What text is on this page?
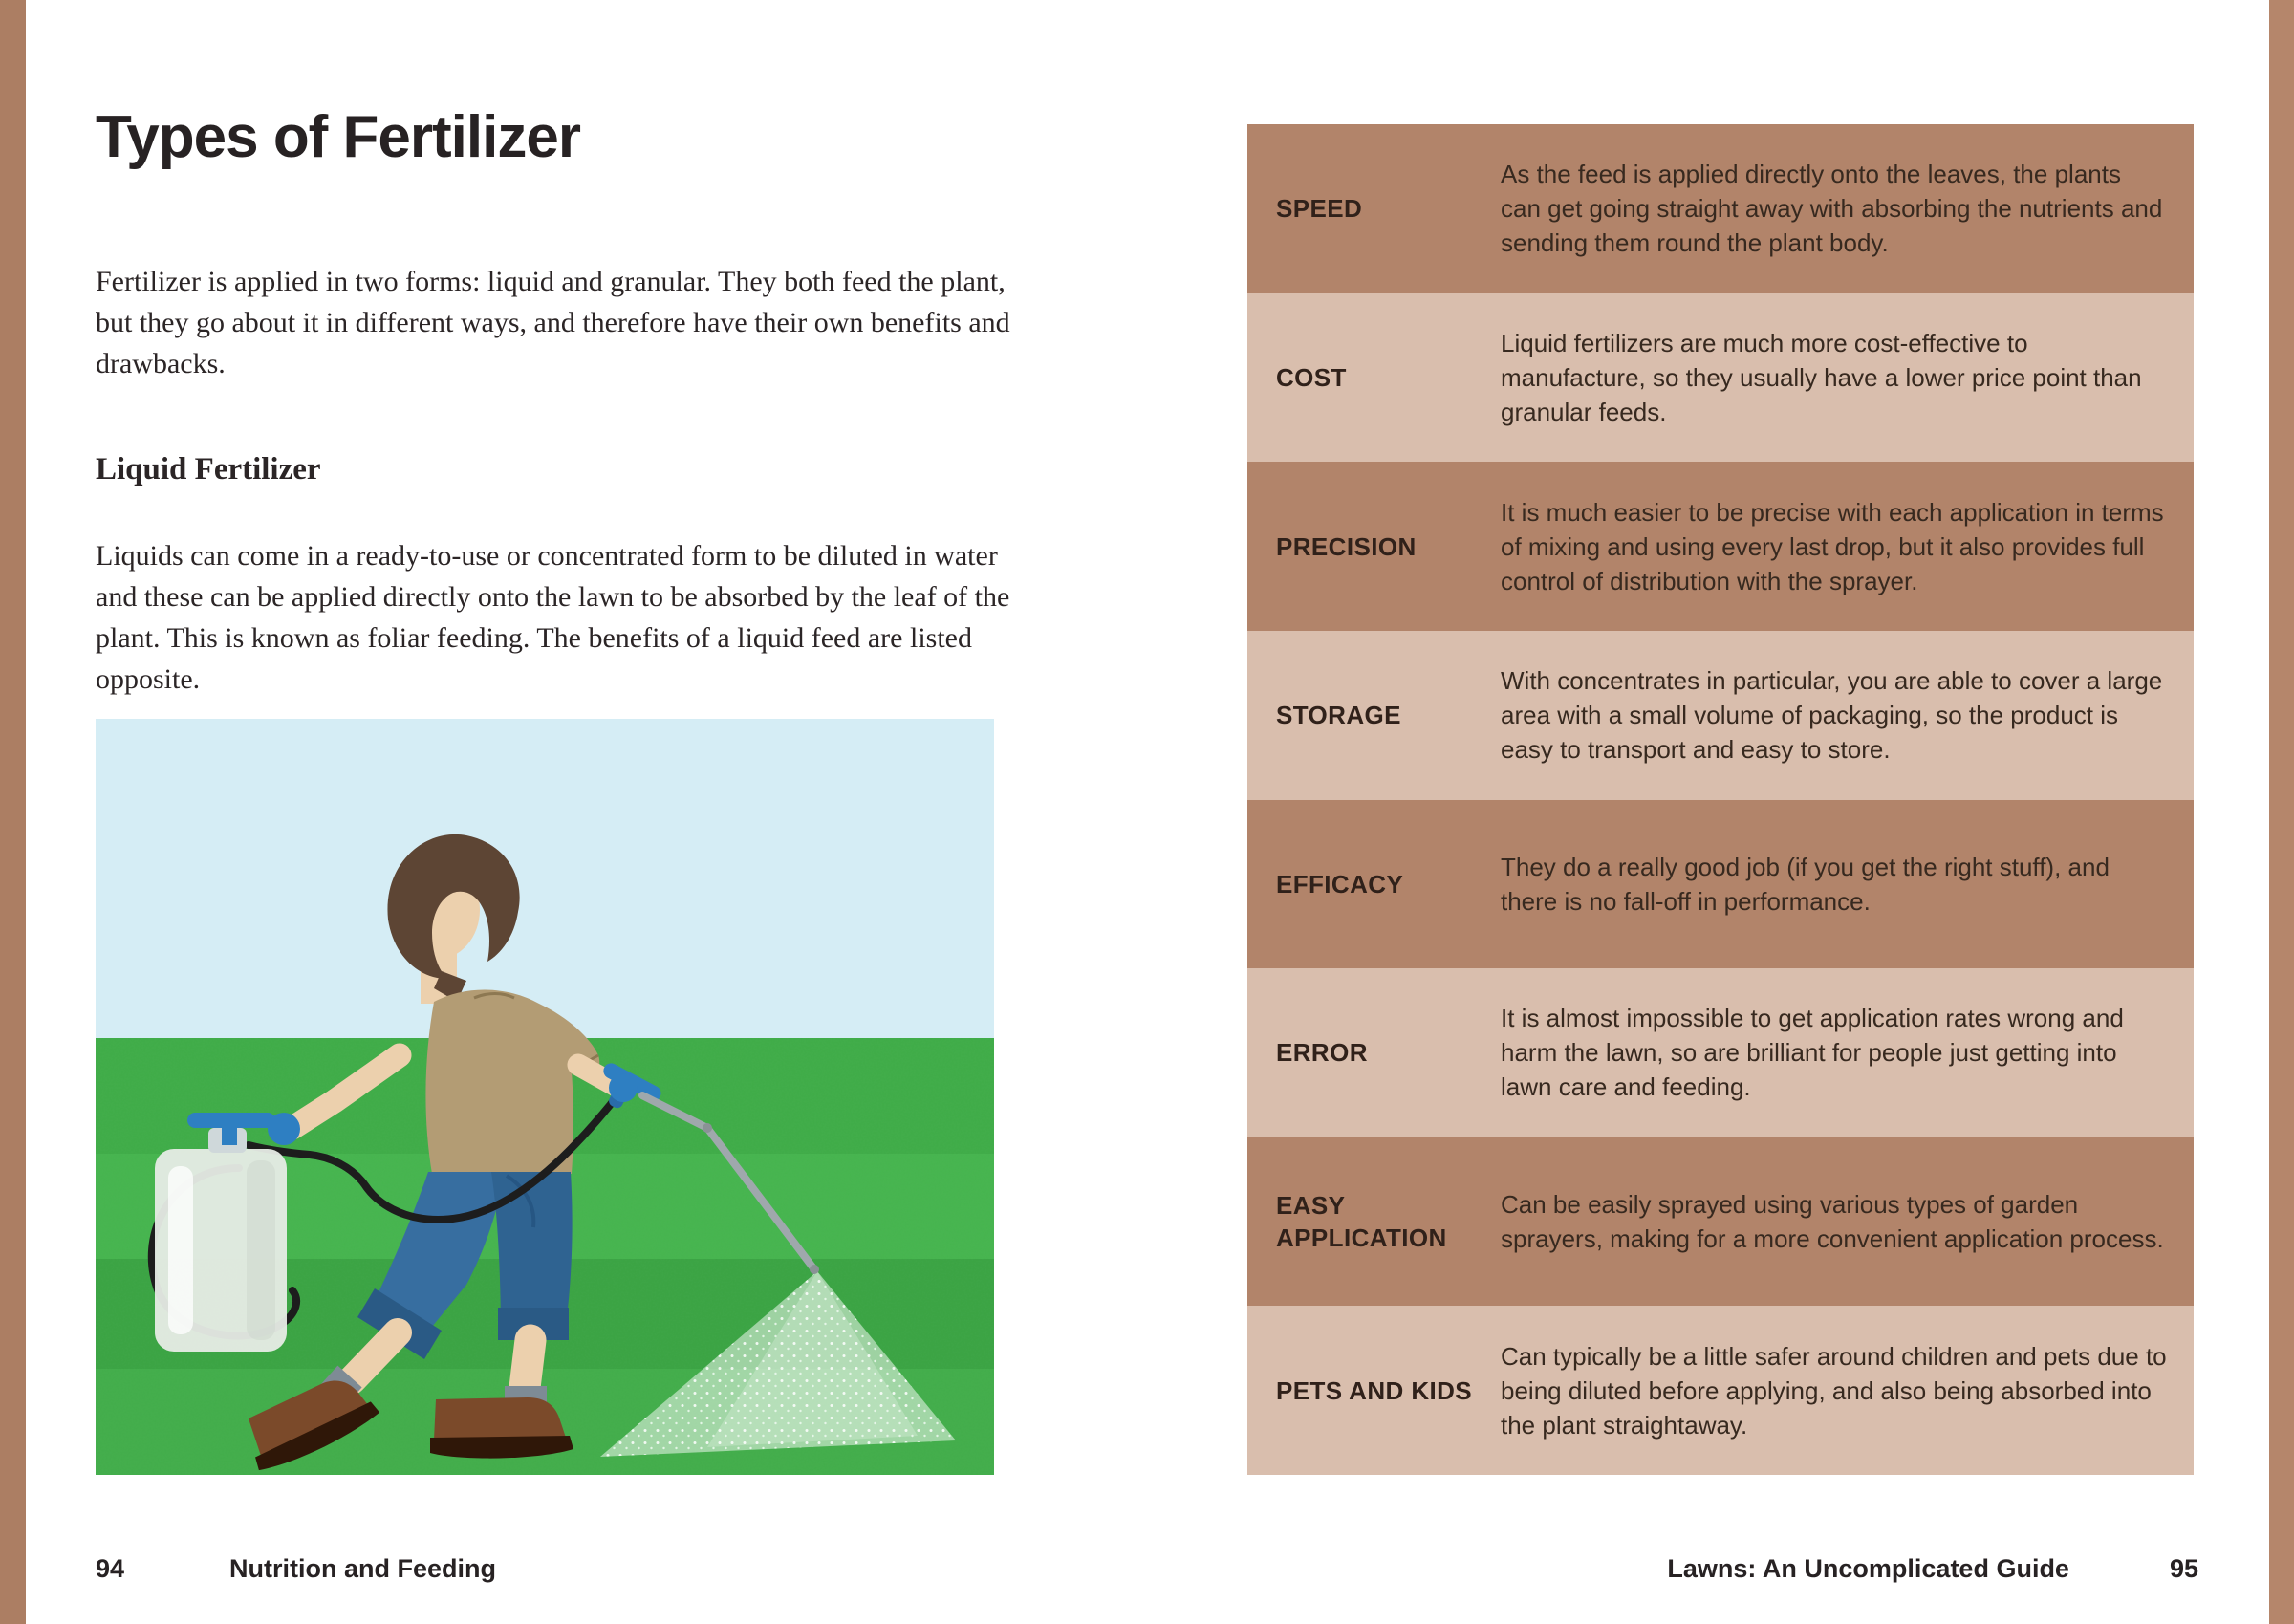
Types of Fertilizer

Fertilizer is applied in two forms: liquid and granular. They both feed the plant, but they go about it in different ways, and therefore have their own benefits and drawbacks.

Liquid Fertilizer

Liquids can come in a ready-to-use or concentrated form to be diluted in water and these can be applied directly onto the lawn to be absorbed by the leaf of the plant. This is known as foliar feeding. The benefits of a liquid feed are listed opposite.

SPEED
As the feed is applied directly onto the leaves, the plants can get going straight away with absorbing the nutrients and sending them round the plant body.
COST
Liquid fertilizers are much more cost-effective to manufacture, so they usually have a lower price point than granular feeds.
PRECISION
It is much easier to be precise with each application in terms of mixing and using every last drop, but it also provides full control of distribution with the sprayer.
STORAGE
With concentrates in particular, you are able to cover a large area with a small volume of packaging, so the product is easy to transport and easy to store.
EFFICACY
They do a really good job (if you get the right stuff), and there is no fall-off in performance.
ERROR
It is almost impossible to get application rates wrong and harm the lawn, so are brilliant for people just getting into lawn care and feeding.
EASY APPLICATION
Can be easily sprayed using various types of garden sprayers, making for a more convenient application process.
PETS AND KIDS
Can typically be a little safer around children and pets due to being diluted before applying, and also being absorbed into the plant straightaway.
94	Nutrition and Feeding	Lawns: An Uncomplicated Guide	95
